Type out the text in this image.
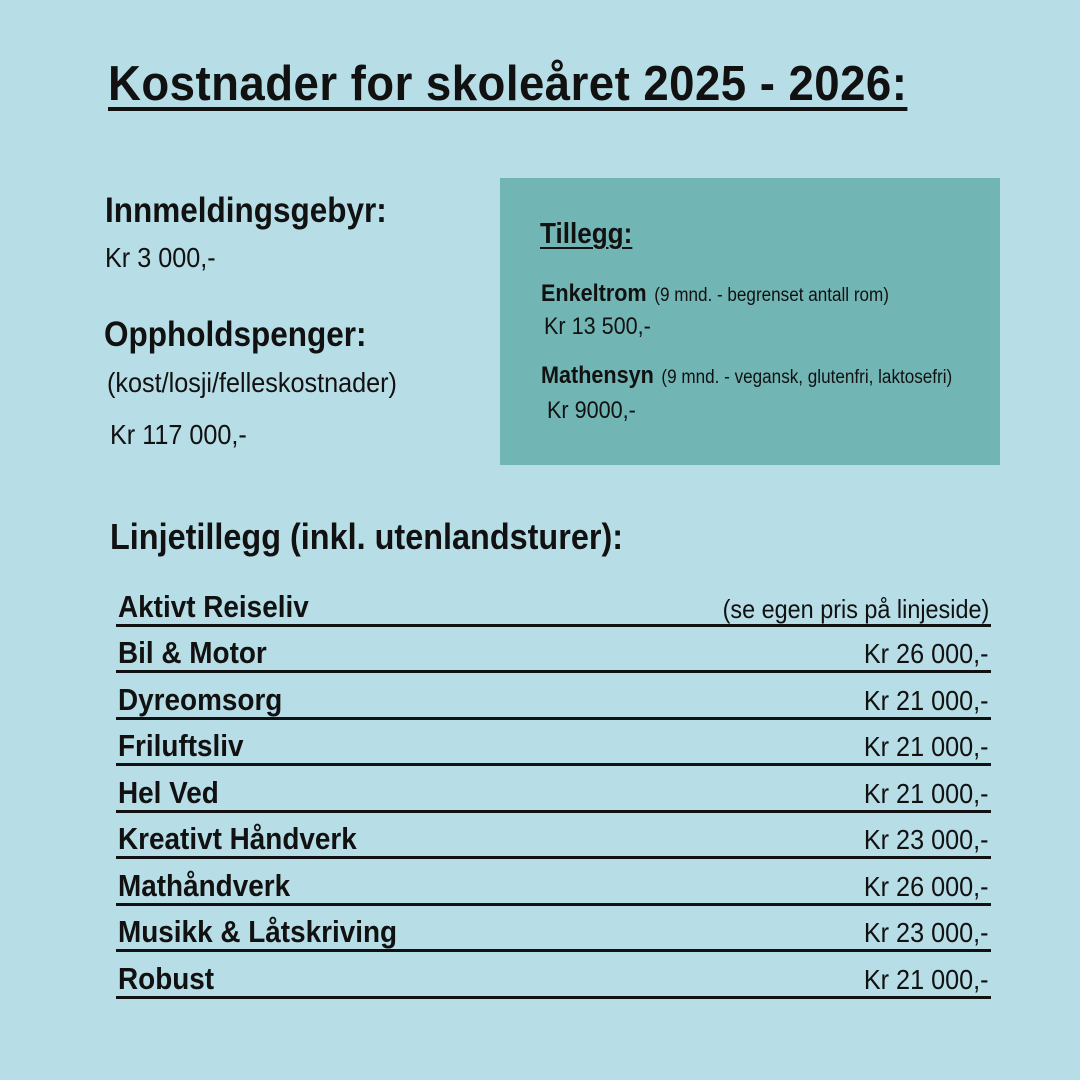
Kostnader for skoleåret 2025 - 2026:
Innmeldingsgebyr:
Kr 3 000,-
Oppholdspenger:
(kost/losji/felleskostnader)
Kr 117 000,-
Tillegg:
Enkeltrom (9 mnd. - begrenset antall rom)
Kr 13 500,-
Mathensyn (9 mnd. - vegansk, glutenfri, laktosefri)
Kr 9000,-
Linjetillegg (inkl. utenlandsturer):
Aktivt Reiseliv	(se egen pris på linjeside)
Bil & Motor	Kr 26 000,-
Dyreomsorg	Kr 21 000,-
Friluftsliv	Kr 21 000,-
Hel Ved	Kr 21 000,-
Kreativt Håndverk	Kr 23 000,-
Mathåndverk	Kr 26 000,-
Musikk & Låtskriving	Kr 23 000,-
Robust	Kr 21 000,-
